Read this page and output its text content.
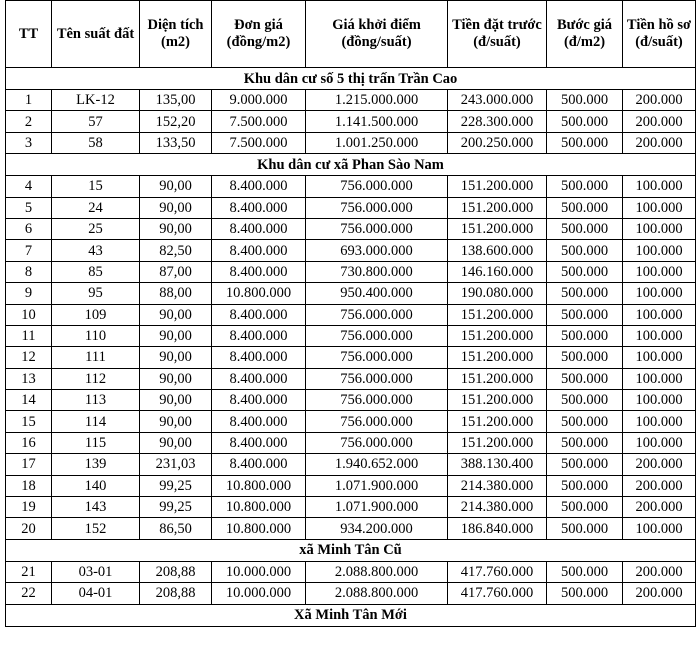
TT	Tên suất đất	Diện tích (m2)	Đơn giá (đồng/m2)	Giá khởi điểm (đồng/suất)	Tiền đặt trước (đ/suất)	Bước giá (đ/m2)	Tiền hồ sơ (đ/suất)
Khu dân cư số 5 thị trấn Trần Cao							
1	LK-12	135,00	9.000.000	1.215.000.000	243.000.000	500.000	200.000
2	57	152,20	7.500.000	1.141.500.000	228.300.000	500.000	200.000
3	58	133,50	7.500.000	1.001.250.000	200.250.000	500.000	200.000
Khu dân cư xã Phan Sào Nam							
4	15	90,00	8.400.000	756.000.000	151.200.000	500.000	100.000
5	24	90,00	8.400.000	756.000.000	151.200.000	500.000	100.000
6	25	90,00	8.400.000	756.000.000	151.200.000	500.000	100.000
7	43	82,50	8.400.000	693.000.000	138.600.000	500.000	100.000
8	85	87,00	8.400.000	730.800.000	146.160.000	500.000	100.000
9	95	88,00	10.800.000	950.400.000	190.080.000	500.000	100.000
10	109	90,00	8.400.000	756.000.000	151.200.000	500.000	100.000
11	110	90,00	8.400.000	756.000.000	151.200.000	500.000	100.000
12	111	90,00	8.400.000	756.000.000	151.200.000	500.000	100.000
13	112	90,00	8.400.000	756.000.000	151.200.000	500.000	100.000
14	113	90,00	8.400.000	756.000.000	151.200.000	500.000	100.000
15	114	90,00	8.400.000	756.000.000	151.200.000	500.000	100.000
16	115	90,00	8.400.000	756.000.000	151.200.000	500.000	100.000
17	139	231,03	8.400.000	1.940.652.000	388.130.400	500.000	200.000
18	140	99,25	10.800.000	1.071.900.000	214.380.000	500.000	200.000
19	143	99,25	10.800.000	1.071.900.000	214.380.000	500.000	200.000
20	152	86,50	10.800.000	934.200.000	186.840.000	500.000	100.000
xã Minh Tân Cũ							
21	03-01	208,88	10.000.000	2.088.800.000	417.760.000	500.000	200.000
22	04-01	208,88	10.000.000	2.088.800.000	417.760.000	500.000	200.000
Xã Minh Tân Mới							
